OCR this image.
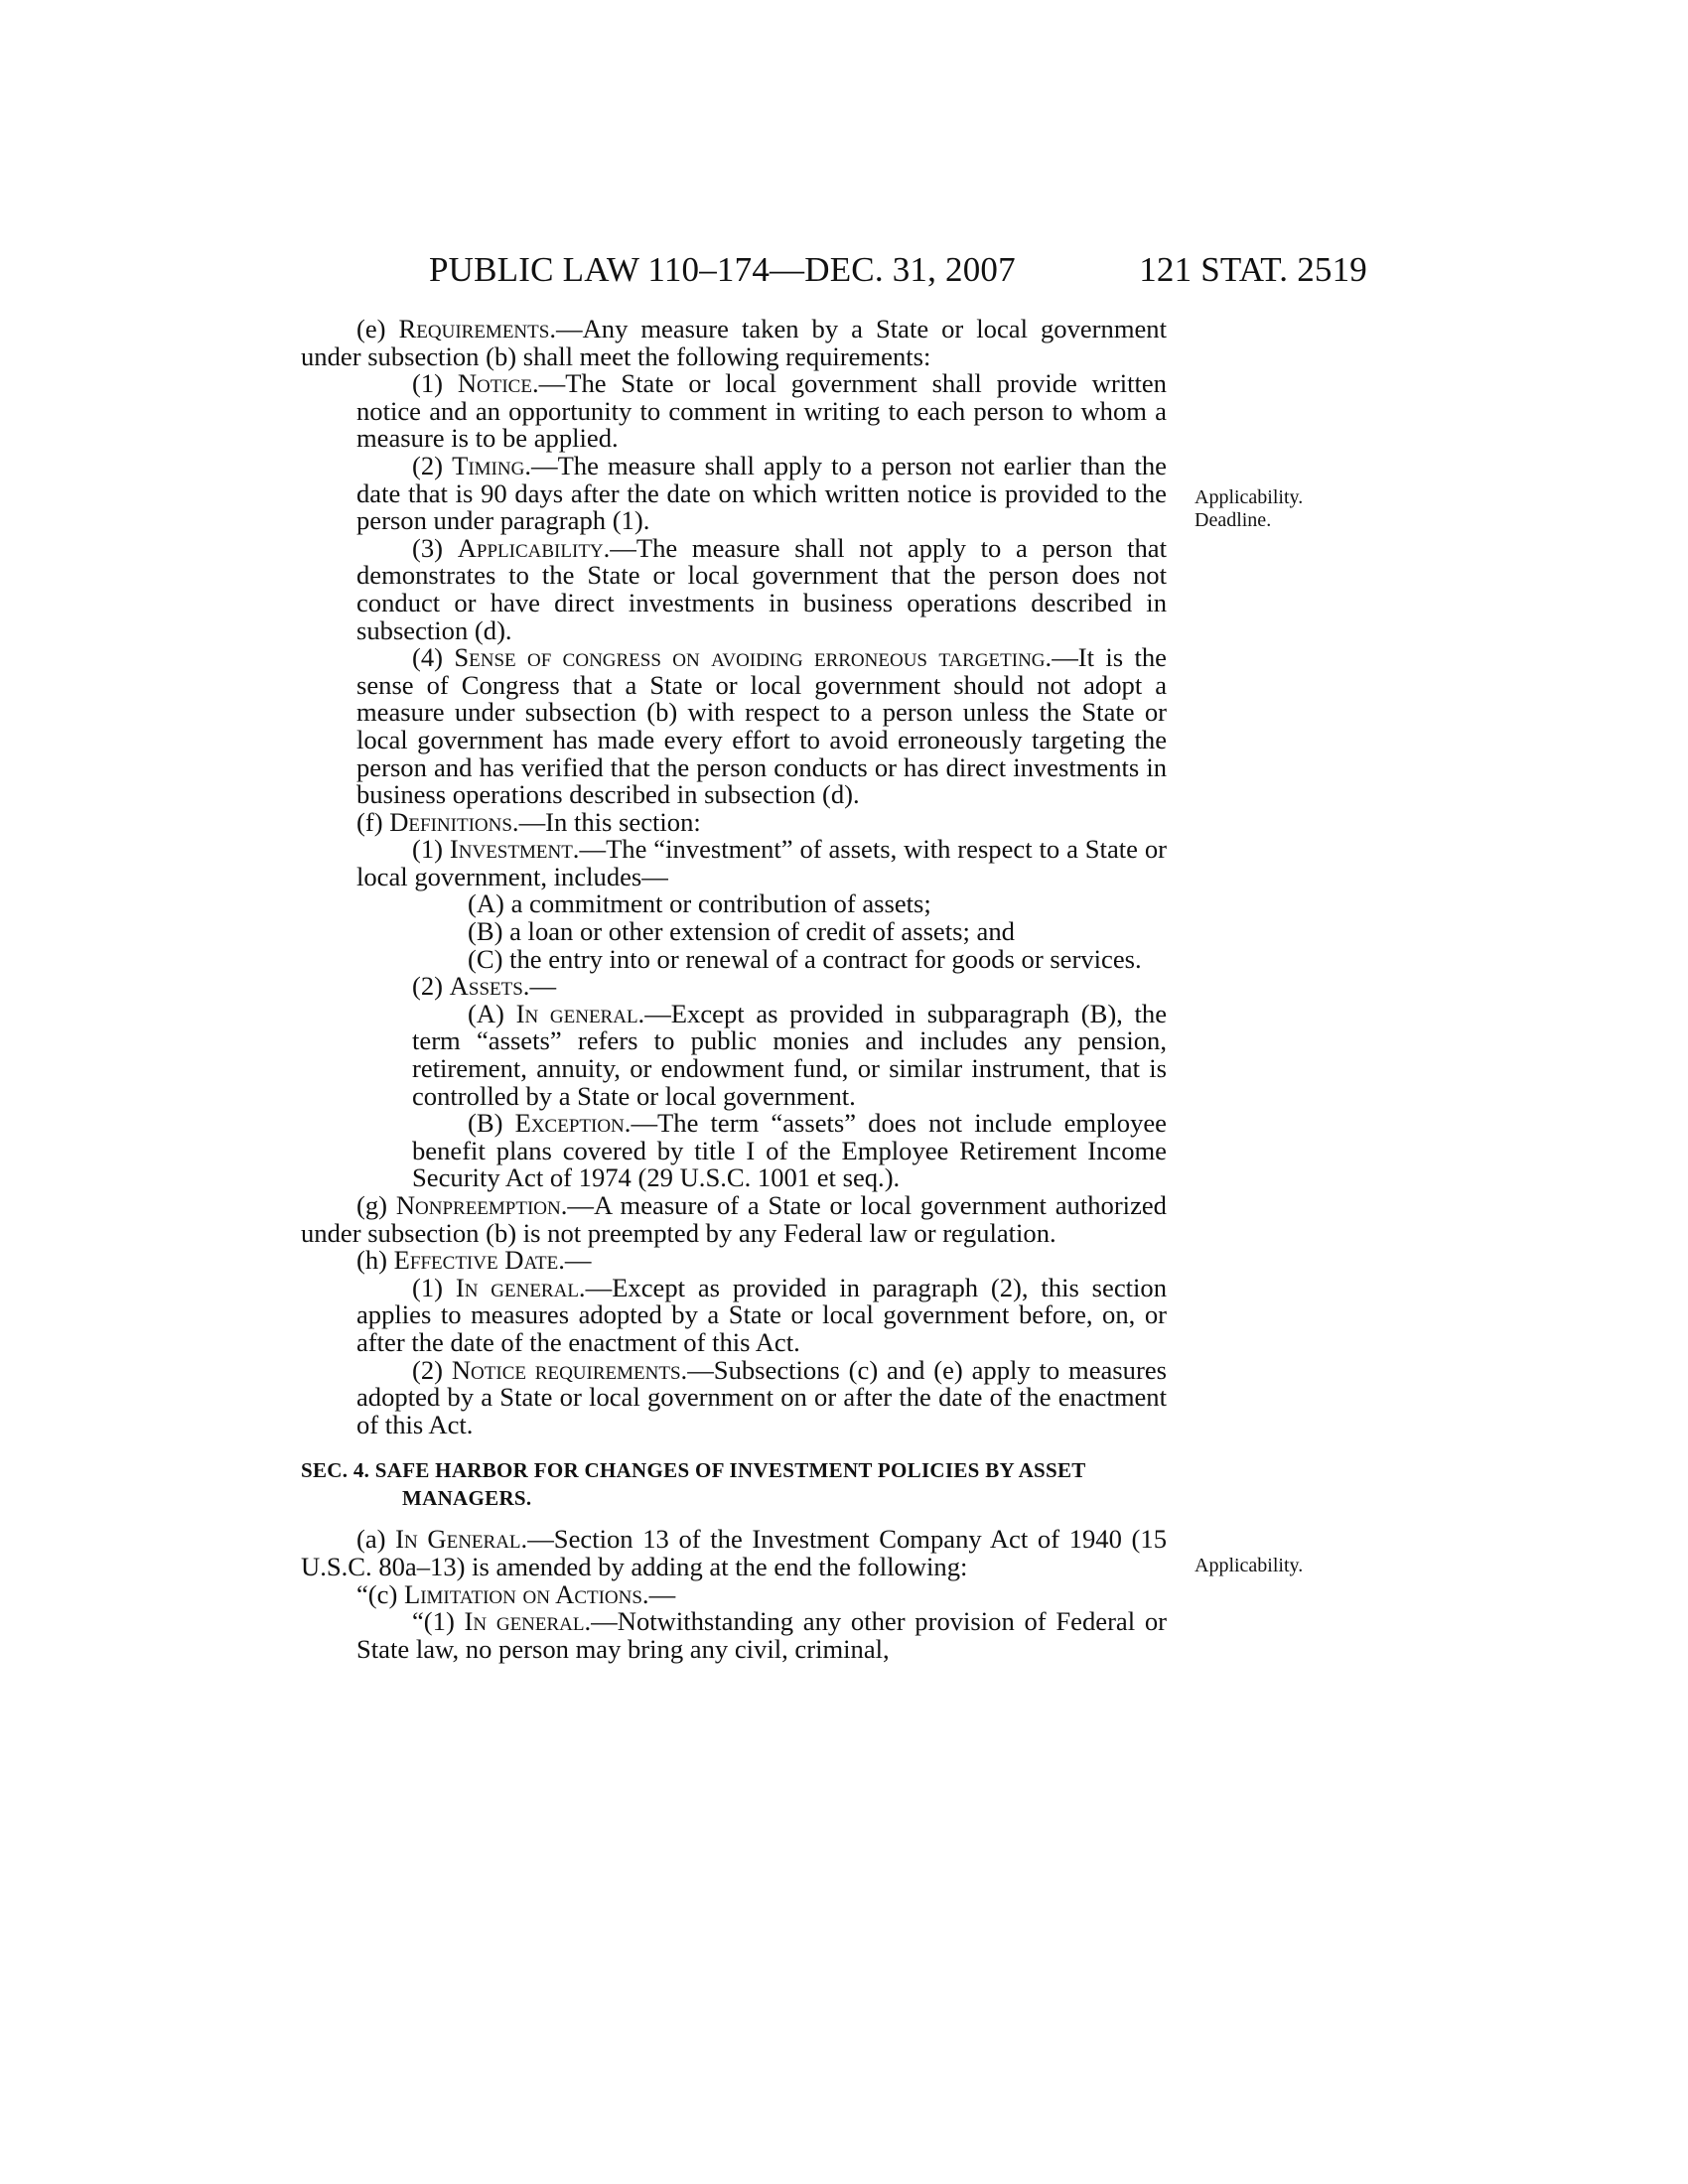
PUBLIC LAW 110–174—DEC. 31, 2007	121 STAT. 2519
Applicability.
Deadline.
Applicability.

(e) Requirements.—Any measure taken by a State or local government under subsection (b) shall meet the following requirements:

(1) Notice.—The State or local government shall provide written notice and an opportunity to comment in writing to each person to whom a measure is to be applied.

(2) Timing.—The measure shall apply to a person not earlier than the date that is 90 days after the date on which written notice is provided to the person under paragraph (1).

(3) Applicability.—The measure shall not apply to a person that demonstrates to the State or local government that the person does not conduct or have direct investments in business operations described in subsection (d).

(4) Sense of congress on avoiding erroneous targeting.—It is the sense of Congress that a State or local government should not adopt a measure under subsection (b) with respect to a person unless the State or local government has made every effort to avoid erroneously targeting the person and has verified that the person conducts or has direct investments in business operations described in subsection (d).

(f) Definitions.—In this section:

(1) Investment.—The “investment” of assets, with respect to a State or local government, includes—

(A) a commitment or contribution of assets;

(B) a loan or other extension of credit of assets; and

(C) the entry into or renewal of a contract for goods or services.

(2) Assets.—

(A) In general.—Except as provided in subparagraph (B), the term “assets” refers to public monies and includes any pension, retirement, annuity, or endowment fund, or similar instrument, that is controlled by a State or local government.

(B) Exception.—The term “assets” does not include employee benefit plans covered by title I of the Employee Retirement Income Security Act of 1974 (29 U.S.C. 1001 et seq.).

(g) Nonpreemption.—A measure of a State or local government authorized under subsection (b) is not preempted by any Federal law or regulation.

(h) Effective Date.—

(1) In general.—Except as provided in paragraph (2), this section applies to measures adopted by a State or local government before, on, or after the date of the enactment of this Act.

(2) Notice requirements.—Subsections (c) and (e) apply to measures adopted by a State or local government on or after the date of the enactment of this Act.

SEC. 4. SAFE HARBOR FOR CHANGES OF INVESTMENT POLICIES BY ASSET MANAGERS.

(a) In General.—Section 13 of the Investment Company Act of 1940 (15 U.S.C. 80a–13) is amended by adding at the end the following:

“(c) Limitation on Actions.—

“(1) In general.—Notwithstanding any other provision of Federal or State law, no person may bring any civil, criminal,
